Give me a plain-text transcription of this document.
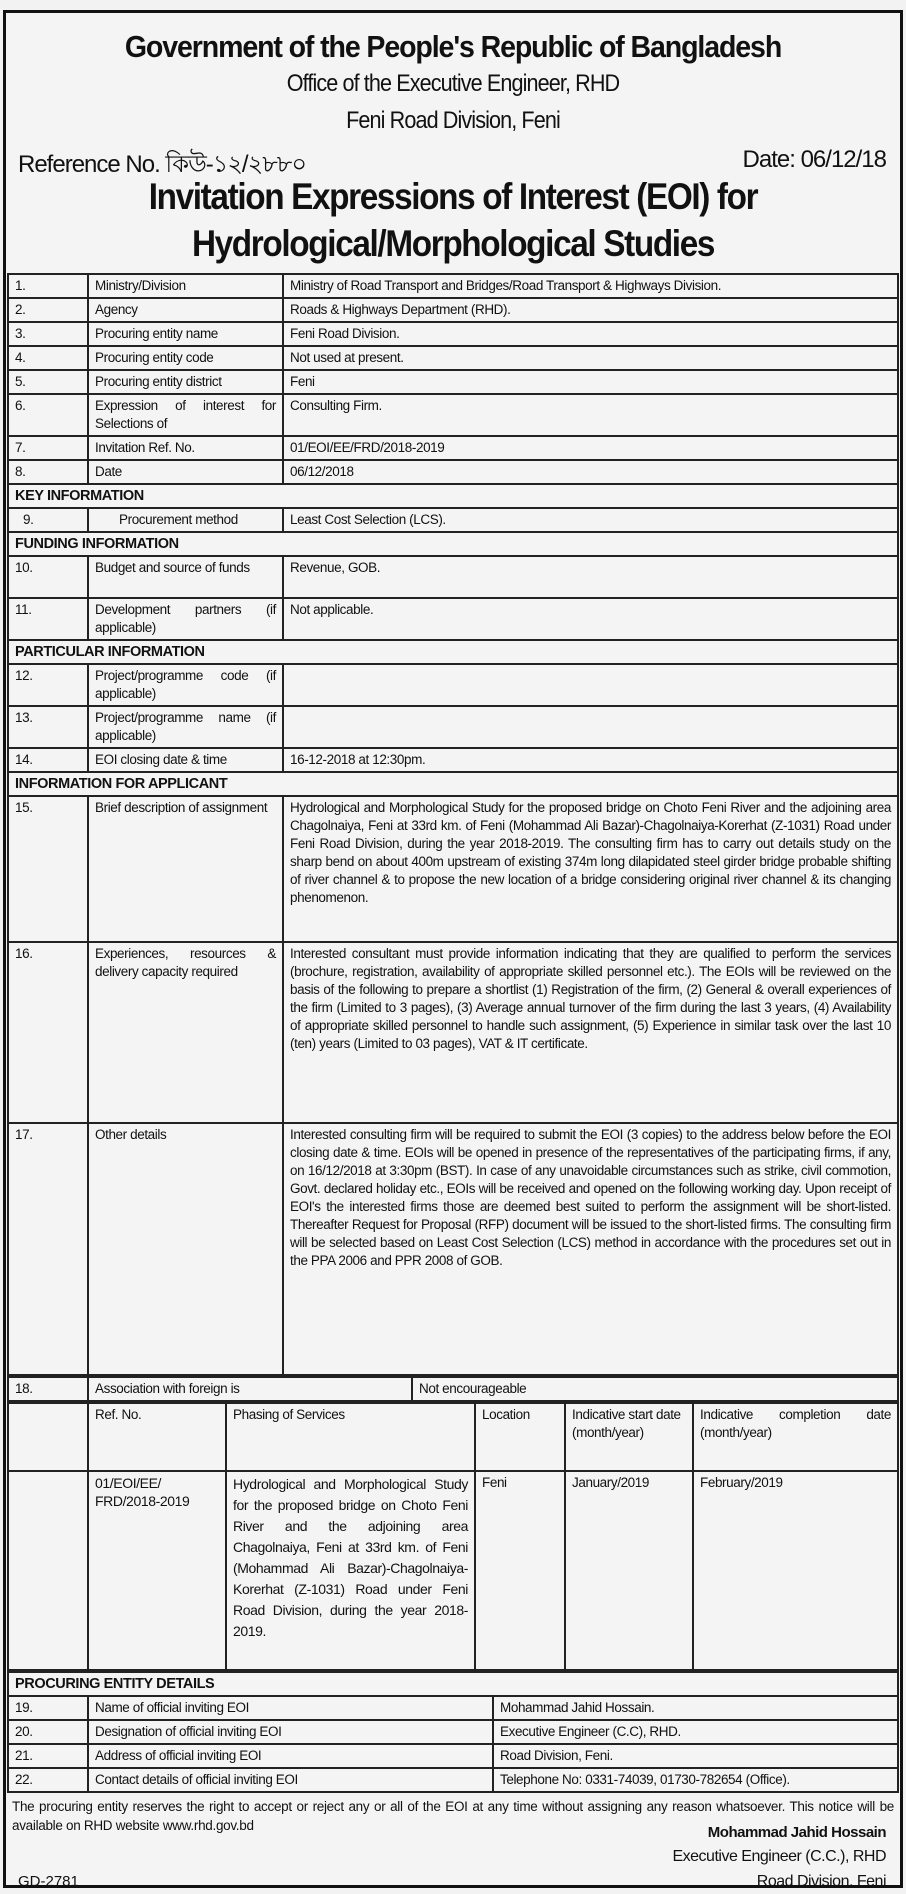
Government of the People's Republic of Bangladesh
Office of the Executive Engineer, RHD
Feni Road Division, Feni
Reference No. কিউ-১২/২৮৮০	Date: 06/12/18
Invitation Expressions of Interest (EOI) for
Hydrological/Morphological Studies
1.	Ministry/Division	Ministry of Road Transport and Bridges/Road Transport & Highways Division.
2.	Agency	Roads & Highways Department (RHD).
3.	Procuring entity name	Feni Road Division.
4.	Procuring entity code	Not used at present.
5.	Procuring entity district	Feni
6.	Expression of interest for Selections of	Consulting Firm.
7.	Invitation Ref. No.	01/EOI/EE/FRD/2018-2019
8.	Date	06/12/2018
KEY INFORMATION		
9.	Procurement method	Least Cost Selection (LCS).
FUNDING INFORMATION		
10.	Budget and source of funds	Revenue, GOB.
11.	Development partners (if applicable)	Not applicable.
PARTICULAR INFORMATION		
12.	Project/programme code (if applicable)	
13.	Project/programme name (if applicable)	
14.	EOI closing date & time	16-12-2018 at 12:30pm.
INFORMATION FOR APPLICANT		
15.	Brief description of assignment	Hydrological and Morphological Study for the proposed bridge on Choto Feni River and the adjoining area Chagolnaiya, Feni at 33rd km. of Feni (Mohammad Ali Bazar)-Chagolnaiya-Korerhat (Z-1031) Road under Feni Road Division, during the year 2018-2019. The consulting firm has to carry out details study on the sharp bend on about 400m upstream of existing 374m long dilapidated steel girder bridge probable shifting of river channel & to propose the new location of a bridge considering original river channel & its changing phenomenon.
16.	Experiences, resources & delivery capacity required	Interested consultant must provide information indicating that they are qualified to perform the services (brochure, registration, availability of appropriate skilled personnel etc.). The EOIs will be reviewed on the basis of the following to prepare a shortlist (1) Registration of the firm, (2) General & overall experiences of the firm (Limited to 3 pages), (3) Average annual turnover of the firm during the last 3 years, (4) Availability of appropriate skilled personnel to handle such assignment, (5) Experience in similar task over the last 10 (ten) years (Limited to 03 pages), VAT & IT certificate.
17.	Other details	Interested consulting firm will be required to submit the EOI (3 copies) to the address below before the EOI closing date & time. EOIs will be opened in presence of the representatives of the participating firms, if any, on 16/12/2018 at 3:30pm (BST). In case of any unavoidable circumstances such as strike, civil commotion, Govt. declared holiday etc., EOIs will be received and opened on the following working day. Upon receipt of EOI's the interested firms those are deemed best suited to perform the assignment will be short-listed. Thereafter Request for Proposal (RFP) document will be issued to the short-listed firms. The consulting firm will be selected based on Least Cost Selection (LCS) method in accordance with the procedures set out in the PPA 2006 and PPR 2008 of GOB.
18.	Association with foreign is	Not encourageable
	Ref. No.	Phasing of Services	Location	Indicative start date (month/year)	Indicative completion date (month/year)
	01/EOI/EE/ FRD/2018-2019	Hydrological and Morphological Study for the proposed bridge on Choto Feni River and the adjoining area Chagolnaiya, Feni at 33rd km. of Feni (Mohammad Ali Bazar)-Chagolnaiya-Korerhat (Z-1031) Road under Feni Road Division, during the year 2018-2019.	Feni	January/2019	February/2019
PROCURING ENTITY DETAILS		
19.	Name of official inviting EOI	Mohammad Jahid Hossain.
20.	Designation of official inviting EOI	Executive Engineer (C.C), RHD.
21.	Address of official inviting EOI	Road Division, Feni.
22.	Contact details of official inviting EOI	Telephone No: 0331-74039, 01730-782654 (Office).
The procuring entity reserves the right to accept or reject any or all of the EOI at any time without assigning any reason whatsoever. This notice will be available on RHD website www.rhd.gov.bd	Mohammad Jahid Hossain
Executive Engineer (C.C.), RHD
Road Division, Feni
GD-2781
